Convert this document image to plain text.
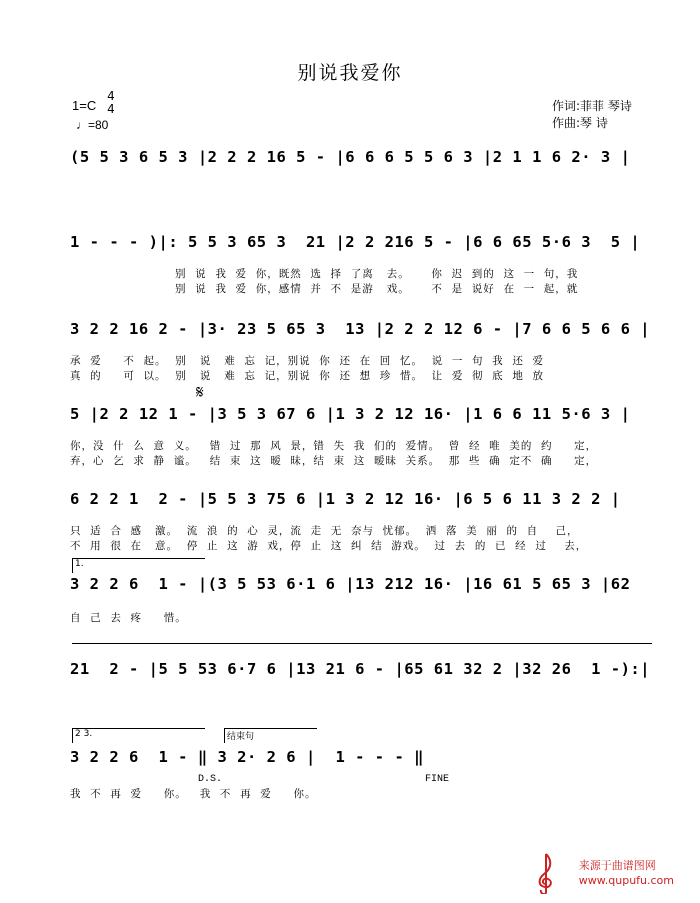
别说我爱你
1=C
4
4
♩=80
作词:菲菲 琴诗
作曲:琴 诗
(5 5 3 6 5 3 |2 2 2 16 5 - |6 6 6 5 5 6 3 |2 1 1 6 2· 3 |
1 - - - )|: 5 5 3 65 3  21 |2 2 216 5 - |6 6 65 5·6 3  5 |
别  说  我  爱  你，既然  选  择  了离   去。     你  迟  到的  这  一  句，我
别  说  我  爱  你，感情  并  不  是游   戏。     不  是  说好  在  一  起，就
3 2 2 16 2 - |3· 23 5 65 3  13 |2 2 2 12 6 - |7 6 6 5 6 6 |
承  爱     不  起。  别   说   难  忘  记，别说  你  还  在  回  忆。  说  一  句  我  还  爱
真  的     可  以。  别   说   难  忘  记，别说  你  还  想  珍  惜。  让  爱  彻  底  地  放
𝄋
5 |2 2 12 1 - |3 5 3 67 6 |1 3 2 12 16· |1 6 6 11 5·6 3 |
你，没  什  么  意  义。   错  过  那  风  景，错  失  我  们的  爱情。  曾  经  唯  美的  约     定，
弃，心  乞  求  静  谧。   结  束  这  暧  昧，结  束  这  暧昧  关系。  那  些  确  定不  确     定，
6 2 2 1  2 - |5 5 3 75 6 |1 3 2 12 16· |6 5 6 11 3 2 2 |
只  适  合  感   激。  流  浪  的  心  灵，流  走  无  奈与  忧郁。  洒  落  美  丽  的  自    己，
不  用  很  在   意。  停  止  这  游  戏，停  止  这  纠  结  游戏。  过  去  的  已  经  过    去，
1.
3 2 2 6  1 - |(3 5 53 6·1 6 |13 212 16· |16 61 5 65 3 |62
自  己  去  疼     惜。
21  2 - |5 5 53 6·7 6 |13 21 6 - |65 61 32 2 |32 26  1 -):|
2 3.	结束句
3 2 2 6  1 - ‖ 3 2· 2 6 |  1 - - - ‖
D.S.	FINE
我  不  再  爱     你。   我  不  再  爱     你。
来源于曲谱图网
www.qupufu.com
